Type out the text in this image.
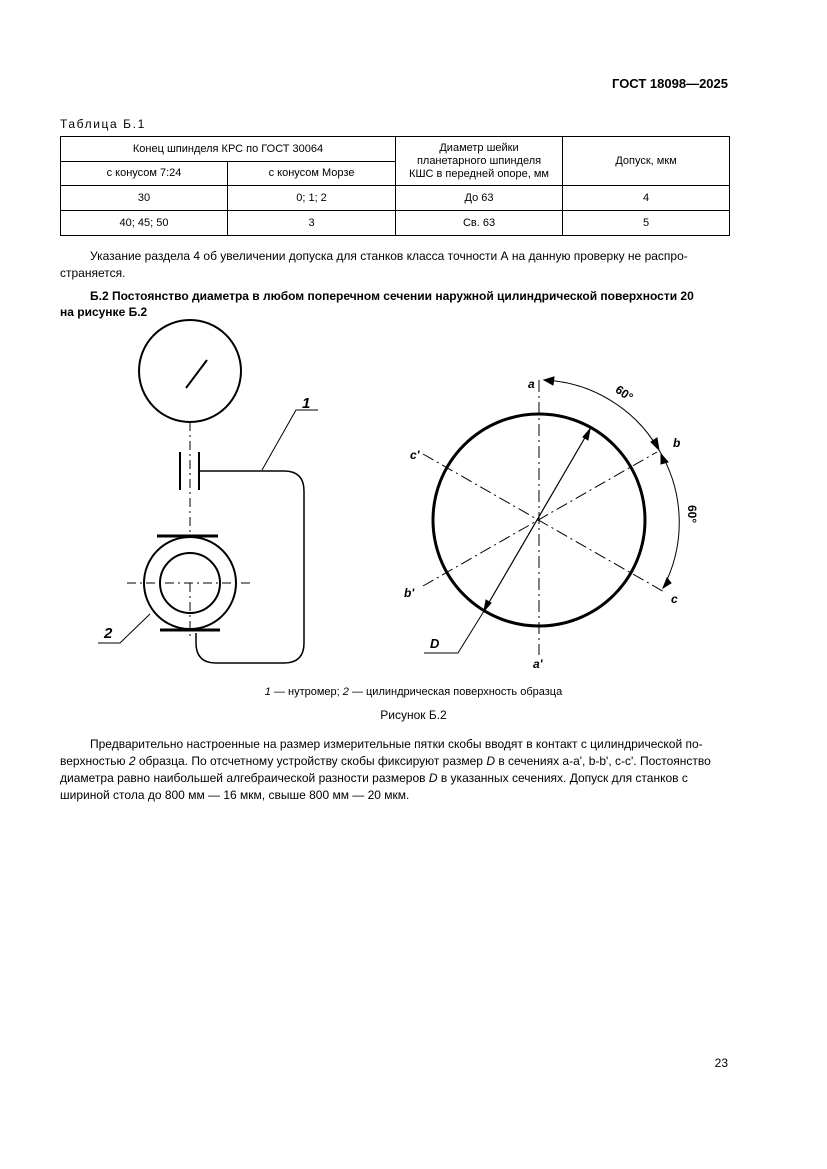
ГОСТ 18098—2025
Таблица Б.1
Конец шпинделя КРС по ГОСТ 30064		Диаметр шейки планетарного шпинделя КШС в передней опоре, мм	Допуск, мкм
с конусом 7:24	с конусом Морзе		
30	0; 1; 2	До 63	4
40; 45; 50	3	Св. 63	5
Указание раздела 4 об увеличении допуска для станков класса точности А на данную проверку не распро-
страняется.
Б.2 Постоянство диаметра в любом поперечном сечении наружной цилиндрической поверхности 20
на рисунке Б.2
1
2
a
a'
b
b'	c
c'
D
60°
60°
1 — нутромер; 2 — цилиндрическая поверхность образца
Рисунок Б.2
Предварительно настроенные на размер измерительные пятки скобы вводят в контакт с цилиндрической по-
верхностью 2 образца. По отсчетному устройству скобы фиксируют размер D в сечениях a-a', b-b', c-c'. Постоянство
диаметра равно наибольшей алгебраической разности размеров D в указанных сечениях. Допуск для станков с
шириной стола до 800 мм — 16 мкм, свыше 800 мм — 20 мкм.
23
